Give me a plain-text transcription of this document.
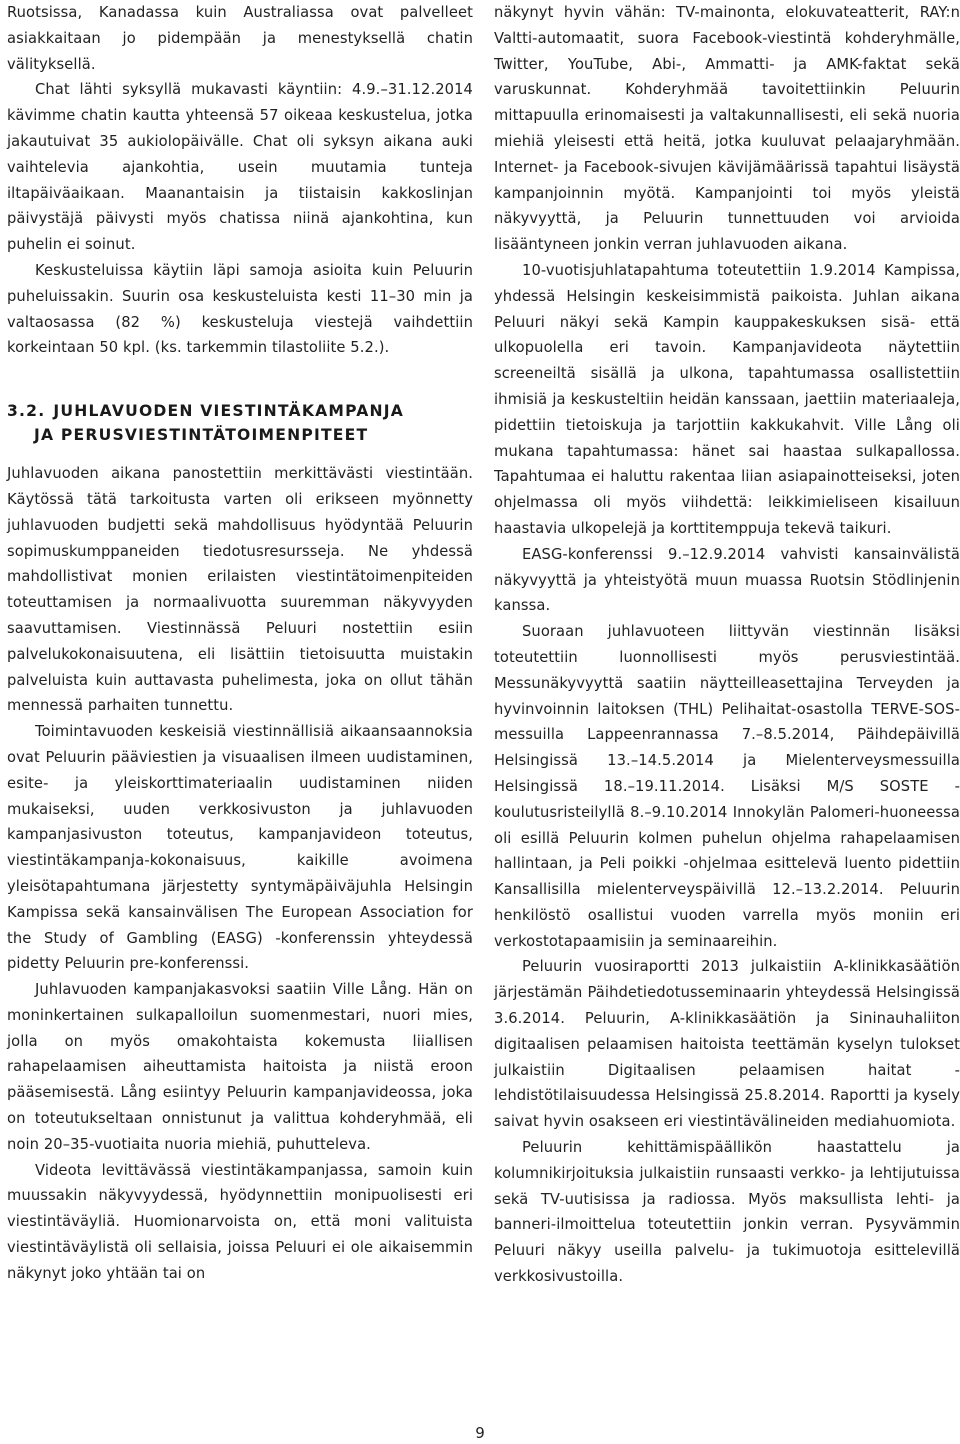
Ruotsissa, Kanadassa kuin Australiassa ovat palvelleet asiakkaitaan jo pidempään ja menestyksellä chatin välityksellä.

Chat lähti syksyllä mukavasti käyntiin: 4.9.–31.12.2014 kävimme chatin kautta yhteensä 57 oikeaa keskustelua, jotka jakautuivat 35 aukiolopäivälle. Chat oli syksyn aikana auki vaihtelevia ajankohtia, usein muutamia tunteja iltapäiväaikaan. Maanantaisin ja tiistaisin kakkoslinjan päivystäjä päivysti myös chatissa niinä ajankohtina, kun puhelin ei soinut.

Keskusteluissa käytiin läpi samoja asioita kuin Peluurin puheluissakin. Suurin osa keskusteluista kesti 11–30 min ja valtaosassa (82 %) keskusteluja viestejä vaihdettiin korkeintaan 50 kpl. (ks. tarkemmin tilastoliite 5.2.).

3.2. JUHLAVUODEN VIESTINTÄKAMPANJA
JA PERUSVIESTINTÄTOIMENPITEET

Juhlavuoden aikana panostettiin merkittävästi viestintään. Käytössä tätä tarkoitusta varten oli erikseen myönnetty juhlavuoden budjetti sekä mahdollisuus hyödyntää Peluurin sopimuskumppaneiden tiedotusresursseja. Ne yhdessä mahdollistivat monien erilaisten viestintätoimenpiteiden toteuttamisen ja normaalivuotta suuremman näkyvyyden saavuttamisen. Viestinnässä Peluuri nostettiin esiin palvelukokonaisuutena, eli lisättiin tietoisuutta muistakin palveluista kuin auttavasta puhelimesta, joka on ollut tähän mennessä parhaiten tunnettu.

Toimintavuoden keskeisiä viestinnällisiä aikaansaannoksia ovat Peluurin pääviestien ja visuaalisen ilmeen uudistaminen, esite- ja yleiskorttimateriaalin uudistaminen niiden mukaiseksi, uuden verkkosivuston ja juhlavuoden kampanjasivuston toteutus, kampanjavideon toteutus, viestintäkampanja-kokonaisuus, kaikille avoimena yleisötapahtumana järjestetty syntymäpäiväjuhla Helsingin Kampissa sekä kansainvälisen The European Association for the Study of Gambling (EASG) -konferenssin yhteydessä pidetty Peluurin pre-konferenssi.

Juhlavuoden kampanjakasvoksi saatiin Ville Lång. Hän on moninkertainen sulkapalloilun suomenmestari, nuori mies, jolla on myös omakohtaista kokemusta liiallisen rahapelaamisen aiheuttamista haitoista ja niistä eroon pääsemisestä. Lång esiintyy Peluurin kampanjavideossa, joka on toteutukseltaan onnistunut ja valittua kohderyhmää, eli noin 20–35-vuotiaita nuoria miehiä, puhutteleva.

Videota levittävässä viestintäkampanjassa, samoin kuin muussakin näkyvyydessä, hyödynnettiin monipuolisesti eri viestintäväyliä. Huomionarvoista on, että moni valituista viestintäväylistä oli sellaisia, joissa Peluuri ei ole aikaisemmin näkynyt joko yhtään tai on

näkynyt hyvin vähän: TV-mainonta, elokuvateatterit, RAY:n Valtti-automaatit, suora Facebook-viestintä kohderyhmälle, Twitter, YouTube, Abi-, Ammatti- ja AMK-faktat sekä varuskunnat. Kohderyhmää tavoitettiinkin Peluurin mittapuulla erinomaisesti ja valtakunnallisesti, eli sekä nuoria miehiä yleisesti että heitä, jotka kuuluvat pelaajaryhmään. Internet- ja Facebook-sivujen kävijämäärissä tapahtui lisäystä kampanjoinnin myötä. Kampanjointi toi myös yleistä näkyvyyttä, ja Peluurin tunnettuuden voi arvioida lisääntyneen jonkin verran juhlavuoden aikana.

10-vuotisjuhlatapahtuma toteutettiin 1.9.2014 Kampissa, yhdessä Helsingin keskeisimmistä paikoista. Juhlan aikana Peluuri näkyi sekä Kampin kauppakeskuksen sisä- että ulkopuolella eri tavoin. Kampanjavideota näytettiin screeneiltä sisällä ja ulkona, tapahtumassa osallistettiin ihmisiä ja keskusteltiin heidän kanssaan, jaettiin materiaaleja, pidettiin tietoiskuja ja tarjottiin kakkukahvit. Ville Lång oli mukana tapahtumassa: hänet sai haastaa sulkapallossa. Tapahtumaa ei haluttu rakentaa liian asiapainotteiseksi, joten ohjelmassa oli myös viihdettä: leikkimieliseen kisailuun haastavia ulkopelejä ja korttitemppuja tekevä taikuri.

EASG-konferenssi 9.–12.9.2014 vahvisti kansainvälistä näkyvyyttä ja yhteistyötä muun muassa Ruotsin Stödlinjenin kanssa.

Suoraan juhlavuoteen liittyvän viestinnän lisäksi toteutettiin luonnollisesti myös perusviestintää. Messunäkyvyyttä saatiin näytteilleasettajina Terveyden ja hyvinvoinnin laitoksen (THL) Pelihaitat-osastolla TERVE-SOS-messuilla Lappeenrannassa 7.–8.5.2014, Päihdepäivillä Helsingissä 13.–14.5.2014 ja Mielenterveysmessuilla Helsingissä 18.–19.11.2014. Lisäksi M/S SOSTE -koulutusristeilyllä 8.–9.10.2014 Innokylän Palomeri-huoneessa oli esillä Peluurin kolmen puhelun ohjelma rahapelaamisen hallintaan, ja Peli poikki -ohjelmaa esittelevä luento pidettiin Kansallisilla mielenterveyspäivillä 12.–13.2.2014. Peluurin henkilöstö osallistui vuoden varrella myös moniin eri verkostotapaamisiin ja seminaareihin.

Peluurin vuosiraportti 2013 julkaistiin A-klinikkasäätiön järjestämän Päihdetiedotusseminaarin yhteydessä Helsingissä 3.6.2014. Peluurin, A-klinikkasäätiön ja Sininauhaliiton digitaalisen pelaamisen haitoista teettämän kyselyn tulokset julkaistiin Digitaalisen pelaamisen haitat -lehdistötilaisuudessa Helsingissä 25.8.2014. Raportti ja kysely saivat hyvin osakseen eri viestintävälineiden mediahuomiota.

Peluurin kehittämispäällikön haastattelu ja kolumnikirjoituksia julkaistiin runsaasti verkko- ja lehtijutuissa sekä TV-uutisissa ja radiossa. Myös maksullista lehti- ja banneri-ilmoittelua toteutettiin jonkin verran. Pysyvämmin Peluuri näkyy useilla palvelu- ja tukimuotoja esittelevillä verkkosivustoilla.

9
